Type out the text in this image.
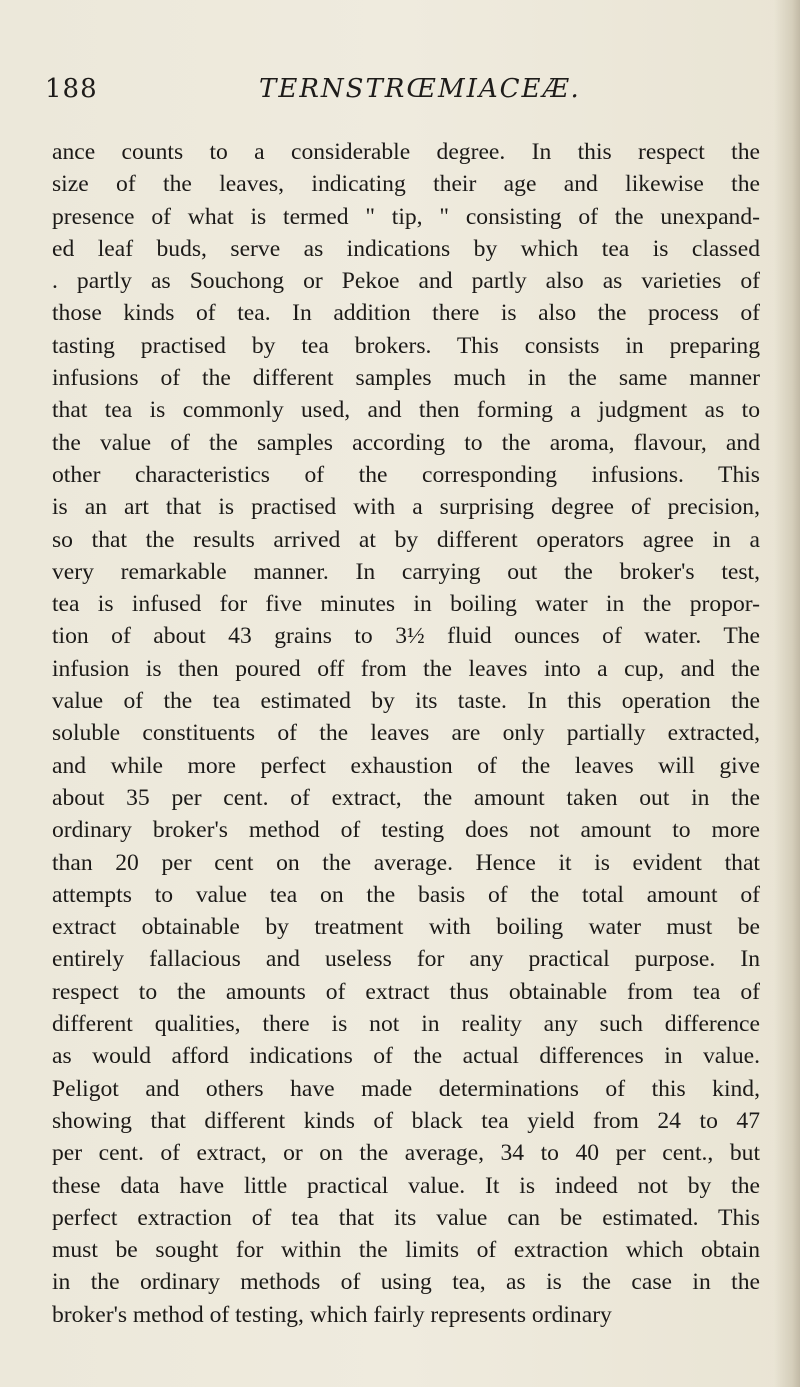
188	TERNSTRŒMIACEÆ.
ance counts to a considerable degree. In this respect the
size of the leaves, indicating their age and likewise the
presence of what is termed " tip, " consisting of the unexpand-
ed leaf buds, serve as indications by which tea is classed
. partly as Souchong or Pekoe and partly also as varieties of
those kinds of tea. In addition there is also the process of
tasting practised by tea brokers. This consists in preparing
infusions of the different samples much in the same manner
that tea is commonly used, and then forming a judgment as to
the value of the samples according to the aroma, flavour, and
other characteristics of the corresponding infusions. This
is an art that is practised with a surprising degree of precision,
so that the results arrived at by different operators agree in a
very remarkable manner. In carrying out the broker's test,
tea is infused for five minutes in boiling water in the propor-
tion of about 43 grains to 3½ fluid ounces of water. The
infusion is then poured off from the leaves into a cup, and the
value of the tea estimated by its taste. In this operation the
soluble constituents of the leaves are only partially extracted,
and while more perfect exhaustion of the leaves will give
about 35 per cent. of extract, the amount taken out in the
ordinary broker's method of testing does not amount to more
than 20 per cent on the average. Hence it is evident that
attempts to value tea on the basis of the total amount of
extract obtainable by treatment with boiling water must be
entirely fallacious and useless for any practical purpose. In
respect to the amounts of extract thus obtainable from tea of
different qualities, there is not in reality any such difference
as would afford indications of the actual differences in value.
Peligot and others have made determinations of this kind,
showing that different kinds of black tea yield from 24 to 47
per cent. of extract, or on the average, 34 to 40 per cent., but
these data have little practical value. It is indeed not by the
perfect extraction of tea that its value can be estimated. This
must be sought for within the limits of extraction which obtain
in the ordinary methods of using tea, as is the case in the
broker's method of testing, which fairly represents ordinary
